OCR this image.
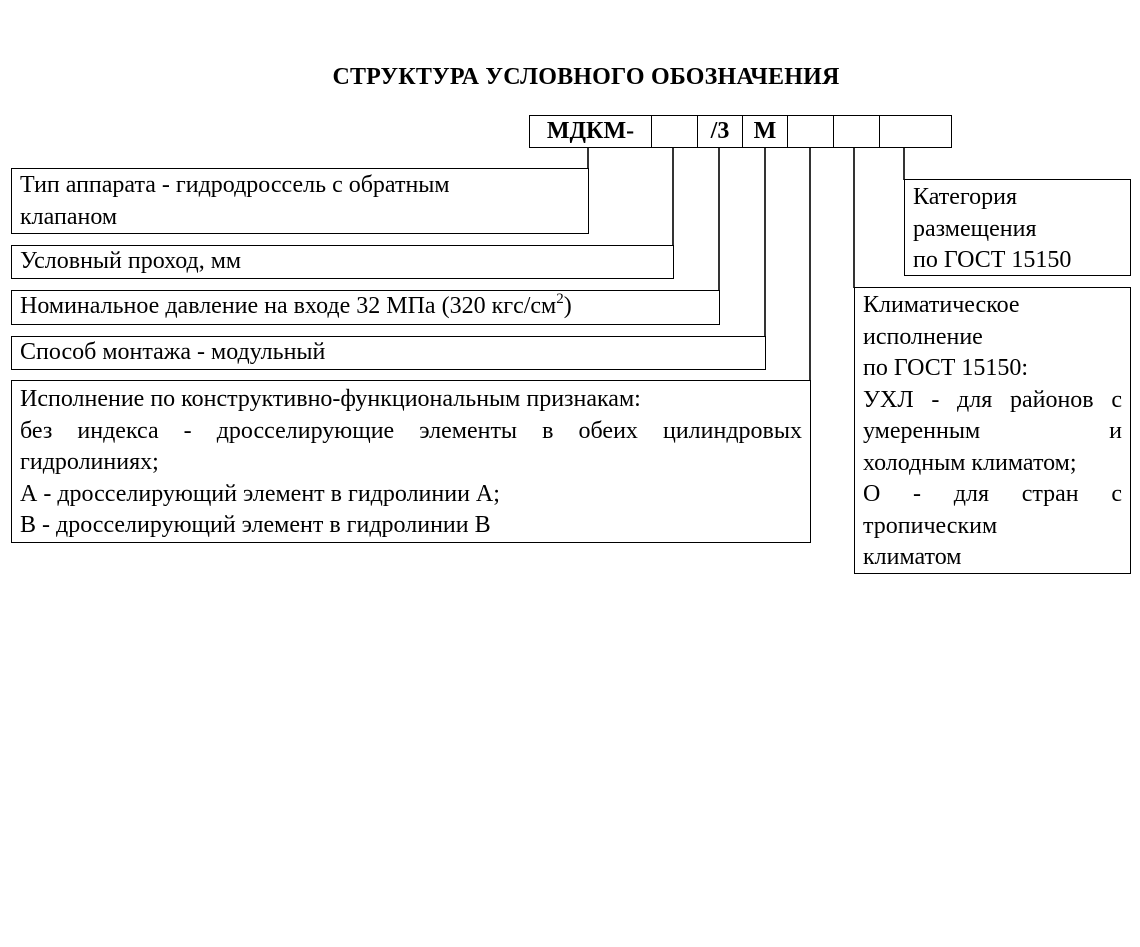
СТРУКТУРА УСЛОВНОГО ОБОЗНАЧЕНИЯ
МДКМ-	/3	М

Тип аппарата - гидродроссель с обратным

клапаном

Условный проход, мм

Номинальное давление на входе 32 МПа (320 кгс/$см^2$)

Способ монтажа - модульный

Исполнение по конструктивно-функциональным признакам:

без индекса - дросселирующие элементы в обеих цилиндровых

гидролиниях;

А - дросселирующий элемент в гидролинии А;

В - дросселирующий элемент в гидролинии В

Категория

размещения

по ГОСТ 15150

Климатическое

исполнение

по ГОСТ 15150:

УХЛ - для районов с

умеренным и

холодным климатом;

О - для стран с

тропическим

климатом
